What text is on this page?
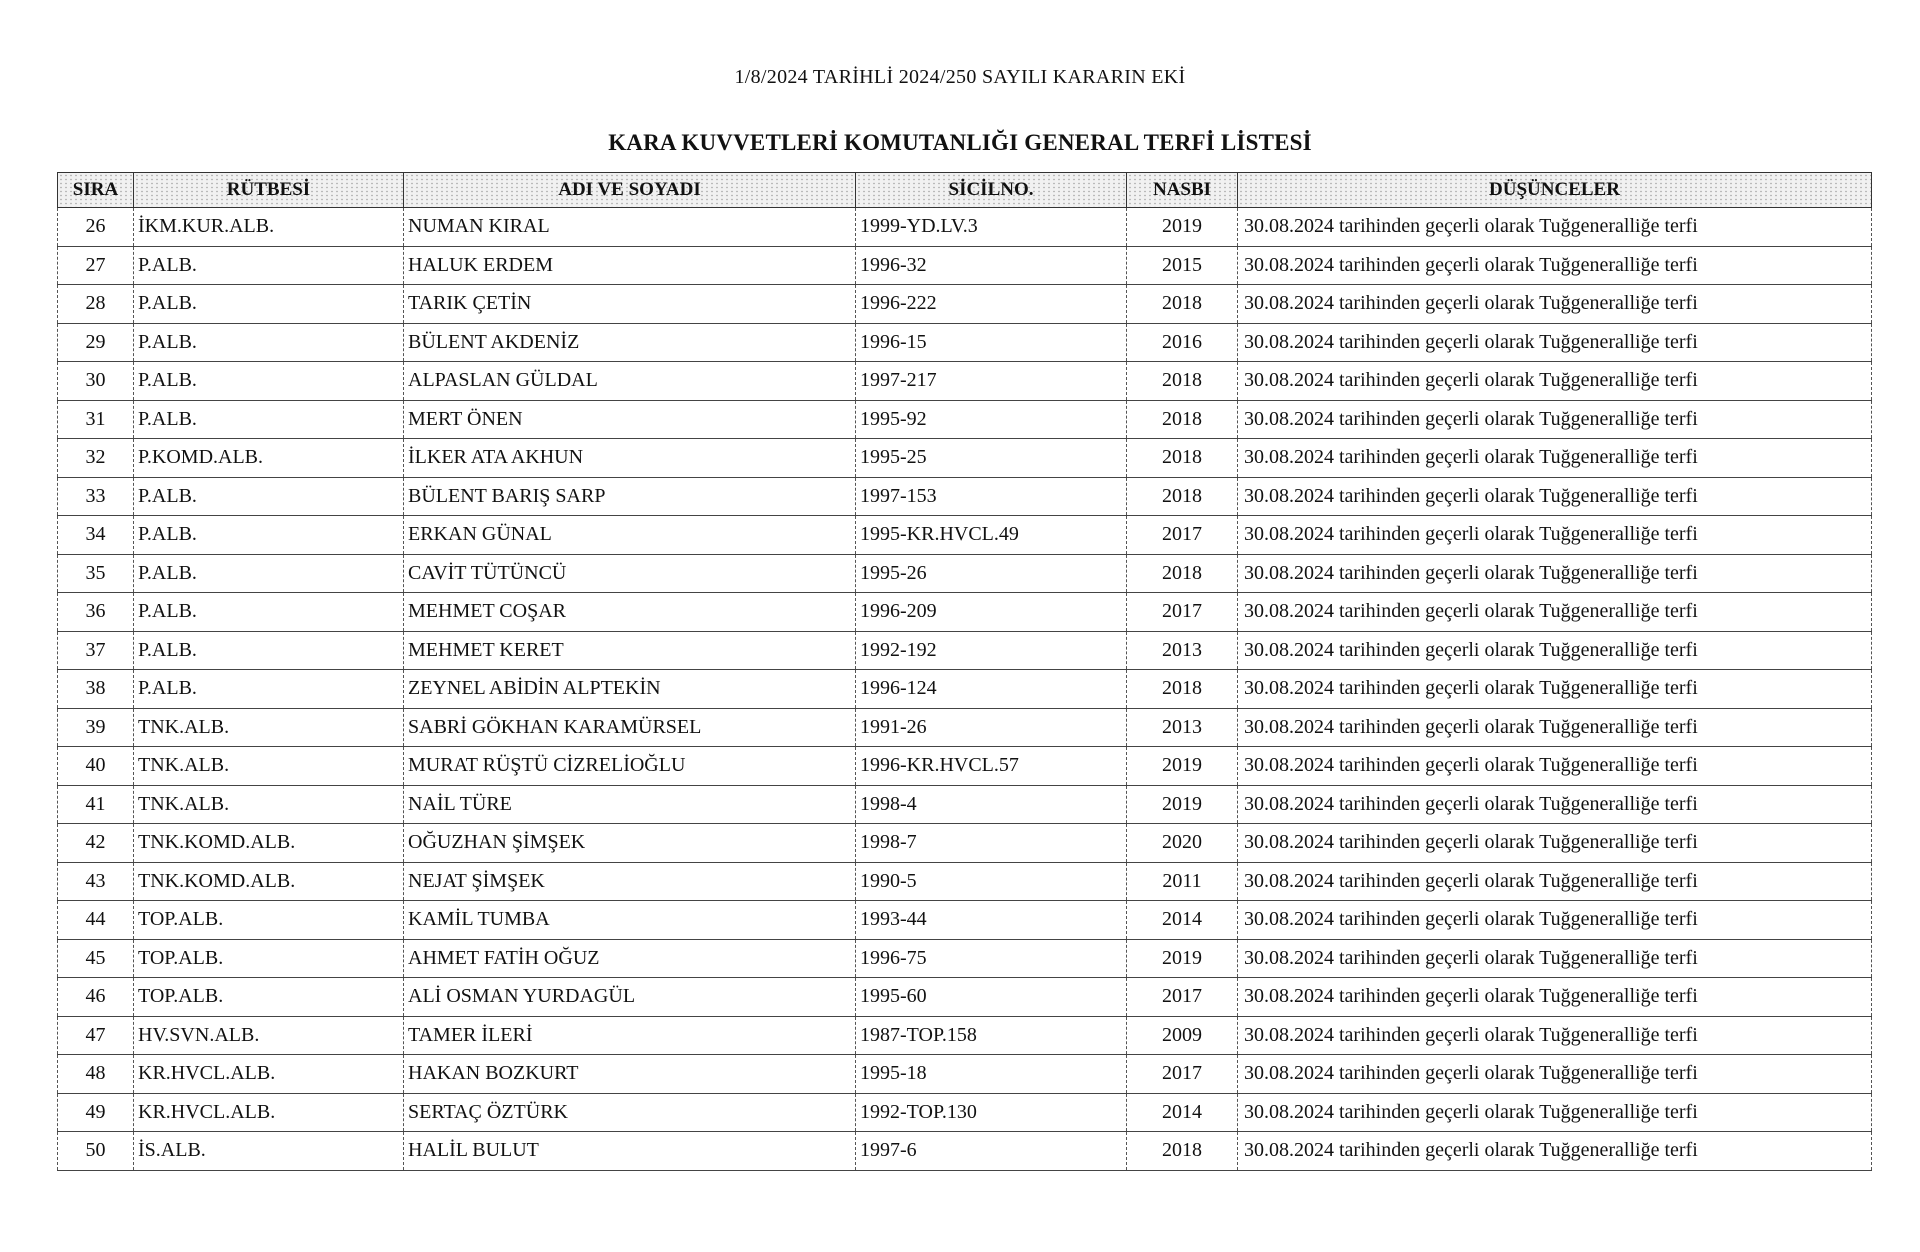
1/8/2024 TARİHLİ 2024/250 SAYILI KARARIN EKİ
KARA KUVVETLERİ KOMUTANLIĞI GENERAL TERFİ LİSTESİ
SIRA	RÜTBESİ	ADI VE SOYADI	SİCİLNO.	NASBI	DÜŞÜNCELER
26	İKM.KUR.ALB.	NUMAN KIRAL	1999-YD.LV.3	2019	30.08.2024 tarihinden geçerli olarak Tuğgeneralliğe terfi
27	P.ALB.	HALUK ERDEM	1996-32	2015	30.08.2024 tarihinden geçerli olarak Tuğgeneralliğe terfi
28	P.ALB.	TARIK ÇETİN	1996-222	2018	30.08.2024 tarihinden geçerli olarak Tuğgeneralliğe terfi
29	P.ALB.	BÜLENT AKDENİZ	1996-15	2016	30.08.2024 tarihinden geçerli olarak Tuğgeneralliğe terfi
30	P.ALB.	ALPASLAN GÜLDAL	1997-217	2018	30.08.2024 tarihinden geçerli olarak Tuğgeneralliğe terfi
31	P.ALB.	MERT ÖNEN	1995-92	2018	30.08.2024 tarihinden geçerli olarak Tuğgeneralliğe terfi
32	P.KOMD.ALB.	İLKER ATA AKHUN	1995-25	2018	30.08.2024 tarihinden geçerli olarak Tuğgeneralliğe terfi
33	P.ALB.	BÜLENT BARIŞ SARP	1997-153	2018	30.08.2024 tarihinden geçerli olarak Tuğgeneralliğe terfi
34	P.ALB.	ERKAN GÜNAL	1995-KR.HVCL.49	2017	30.08.2024 tarihinden geçerli olarak Tuğgeneralliğe terfi
35	P.ALB.	CAVİT TÜTÜNCÜ	1995-26	2018	30.08.2024 tarihinden geçerli olarak Tuğgeneralliğe terfi
36	P.ALB.	MEHMET COŞAR	1996-209	2017	30.08.2024 tarihinden geçerli olarak Tuğgeneralliğe terfi
37	P.ALB.	MEHMET KERET	1992-192	2013	30.08.2024 tarihinden geçerli olarak Tuğgeneralliğe terfi
38	P.ALB.	ZEYNEL ABİDİN ALPTEKİN	1996-124	2018	30.08.2024 tarihinden geçerli olarak Tuğgeneralliğe terfi
39	TNK.ALB.	SABRİ GÖKHAN KARAMÜRSEL	1991-26	2013	30.08.2024 tarihinden geçerli olarak Tuğgeneralliğe terfi
40	TNK.ALB.	MURAT RÜŞTÜ CİZRELİOĞLU	1996-KR.HVCL.57	2019	30.08.2024 tarihinden geçerli olarak Tuğgeneralliğe terfi
41	TNK.ALB.	NAİL TÜRE	1998-4	2019	30.08.2024 tarihinden geçerli olarak Tuğgeneralliğe terfi
42	TNK.KOMD.ALB.	OĞUZHAN ŞİMŞEK	1998-7	2020	30.08.2024 tarihinden geçerli olarak Tuğgeneralliğe terfi
43	TNK.KOMD.ALB.	NEJAT ŞİMŞEK	1990-5	2011	30.08.2024 tarihinden geçerli olarak Tuğgeneralliğe terfi
44	TOP.ALB.	KAMİL TUMBA	1993-44	2014	30.08.2024 tarihinden geçerli olarak Tuğgeneralliğe terfi
45	TOP.ALB.	AHMET FATİH OĞUZ	1996-75	2019	30.08.2024 tarihinden geçerli olarak Tuğgeneralliğe terfi
46	TOP.ALB.	ALİ OSMAN YURDAGÜL	1995-60	2017	30.08.2024 tarihinden geçerli olarak Tuğgeneralliğe terfi
47	HV.SVN.ALB.	TAMER İLERİ	1987-TOP.158	2009	30.08.2024 tarihinden geçerli olarak Tuğgeneralliğe terfi
48	KR.HVCL.ALB.	HAKAN BOZKURT	1995-18	2017	30.08.2024 tarihinden geçerli olarak Tuğgeneralliğe terfi
49	KR.HVCL.ALB.	SERTAÇ ÖZTÜRK	1992-TOP.130	2014	30.08.2024 tarihinden geçerli olarak Tuğgeneralliğe terfi
50	İS.ALB.	HALİL BULUT	1997-6	2018	30.08.2024 tarihinden geçerli olarak Tuğgeneralliğe terfi
